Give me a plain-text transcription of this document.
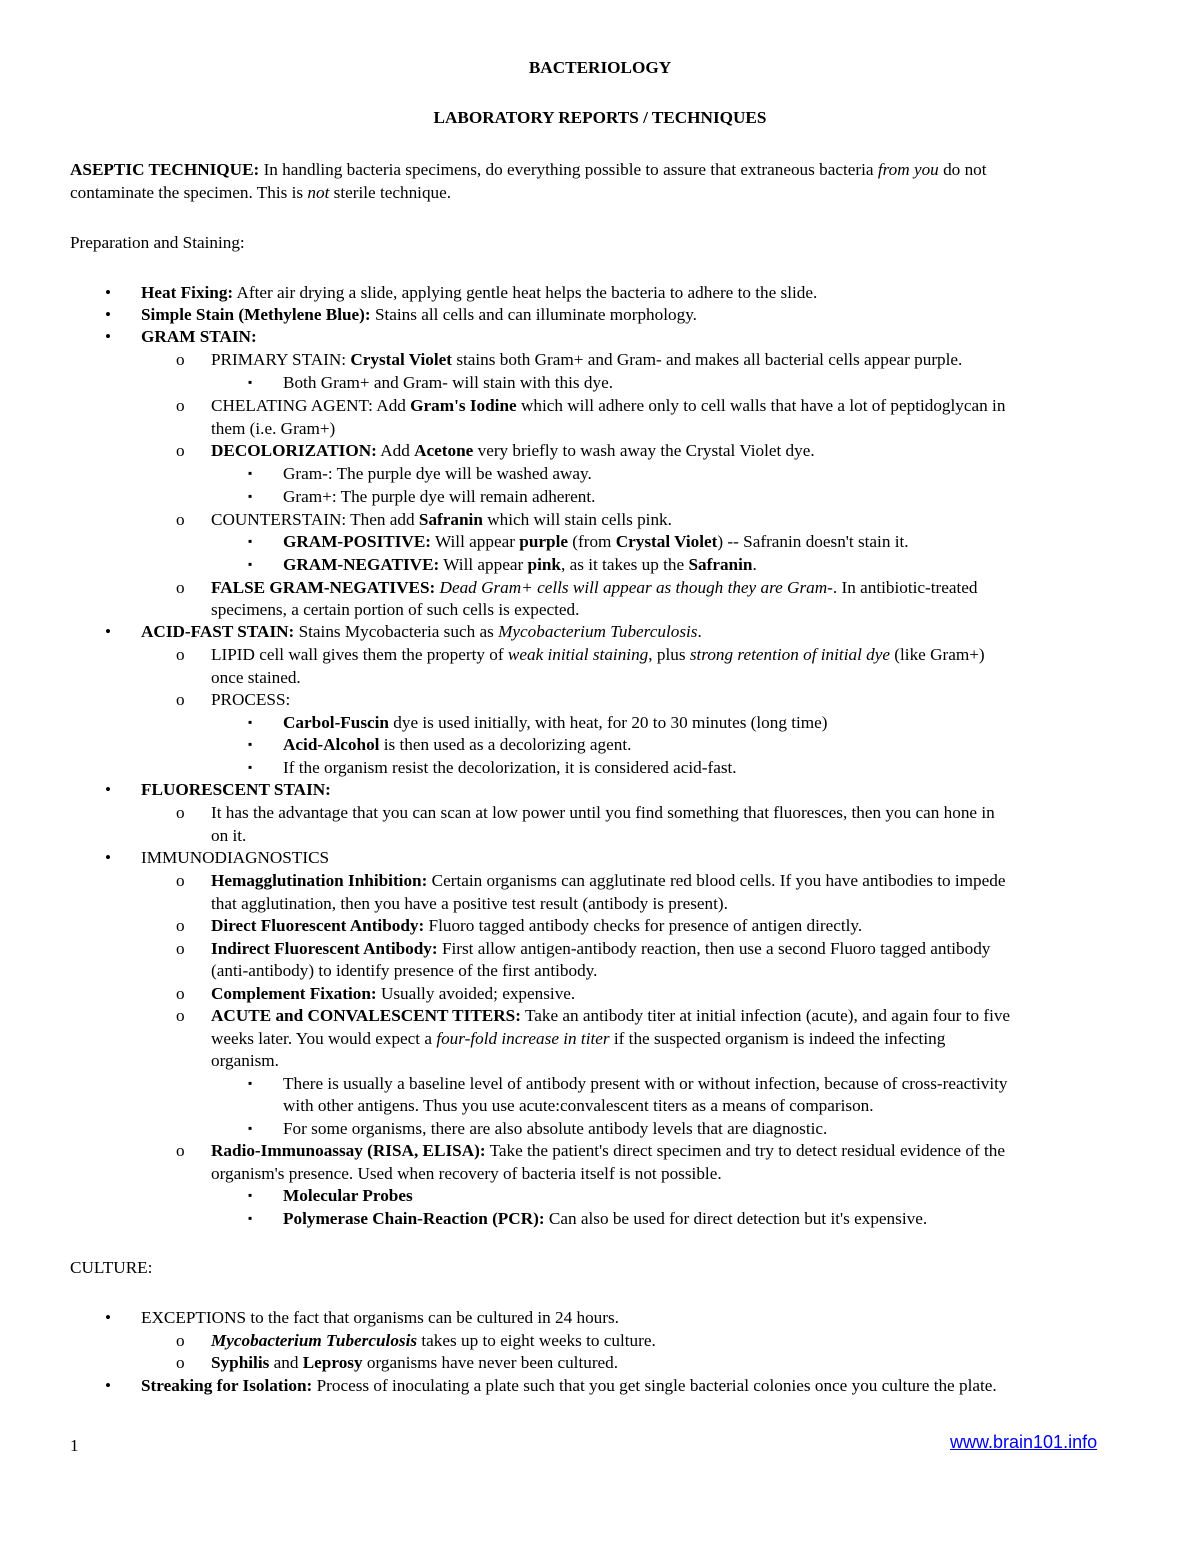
BACTERIOLOGY
LABORATORY REPORTS / TECHNIQUES
ASEPTIC TECHNIQUE: In handling bacteria specimens, do everything possible to assure that extraneous bacteria from you do not
contaminate the specimen. This is not sterile technique.
Preparation and Staining:
• Heat Fixing: After air drying a slide, applying gentle heat helps the bacteria to adhere to the slide.
• Simple Stain (Methylene Blue): Stains all cells and can illuminate morphology.
• GRAM STAIN:
o PRIMARY STAIN: Crystal Violet stains both Gram+ and Gram- and makes all bacterial cells appear purple.
▪ Both Gram+ and Gram- will stain with this dye.
o CHELATING AGENT: Add Gram's Iodine which will adhere only to cell walls that have a lot of peptidoglycan in
them (i.e. Gram+)
o DECOLORIZATION: Add Acetone very briefly to wash away the Crystal Violet dye.
▪ Gram-: The purple dye will be washed away.
▪ Gram+: The purple dye will remain adherent.
o COUNTERSTAIN: Then add Safranin which will stain cells pink.
▪ GRAM-POSITIVE: Will appear purple (from Crystal Violet) -- Safranin doesn't stain it.
▪ GRAM-NEGATIVE: Will appear pink, as it takes up the Safranin.
o FALSE GRAM-NEGATIVES: Dead Gram+ cells will appear as though they are Gram-. In antibiotic-treated
specimens, a certain portion of such cells is expected.
• ACID-FAST STAIN: Stains Mycobacteria such as Mycobacterium Tuberculosis.
o LIPID cell wall gives them the property of weak initial staining, plus strong retention of initial dye (like Gram+)
once stained.
o PROCESS:
▪ Carbol-Fuscin dye is used initially, with heat, for 20 to 30 minutes (long time)
▪ Acid-Alcohol is then used as a decolorizing agent.
▪ If the organism resist the decolorization, it is considered acid-fast.
• FLUORESCENT STAIN:
o It has the advantage that you can scan at low power until you find something that fluoresces, then you can hone in
on it.
• IMMUNODIAGNOSTICS
o Hemagglutination Inhibition: Certain organisms can agglutinate red blood cells. If you have antibodies to impede
that agglutination, then you have a positive test result (antibody is present).
o Direct Fluorescent Antibody: Fluoro tagged antibody checks for presence of antigen directly.
o Indirect Fluorescent Antibody: First allow antigen-antibody reaction, then use a second Fluoro tagged antibody
(anti-antibody) to identify presence of the first antibody.
o Complement Fixation: Usually avoided; expensive.
o ACUTE and CONVALESCENT TITERS: Take an antibody titer at initial infection (acute), and again four to five
weeks later. You would expect a four-fold increase in titer if the suspected organism is indeed the infecting
organism.
▪ There is usually a baseline level of antibody present with or without infection, because of cross-reactivity
with other antigens. Thus you use acute:convalescent titers as a means of comparison.
▪ For some organisms, there are also absolute antibody levels that are diagnostic.
o Radio-Immunoassay (RISA, ELISA): Take the patient's direct specimen and try to detect residual evidence of the
organism's presence. Used when recovery of bacteria itself is not possible.
▪ Molecular Probes
▪ Polymerase Chain-Reaction (PCR): Can also be used for direct detection but it's expensive.
CULTURE:
• EXCEPTIONS to the fact that organisms can be cultured in 24 hours.
o Mycobacterium Tuberculosis takes up to eight weeks to culture.
o Syphilis and Leprosy organisms have never been cultured.
• Streaking for Isolation: Process of inoculating a plate such that you get single bacterial colonies once you culture the plate.
1	www.brain101.info
